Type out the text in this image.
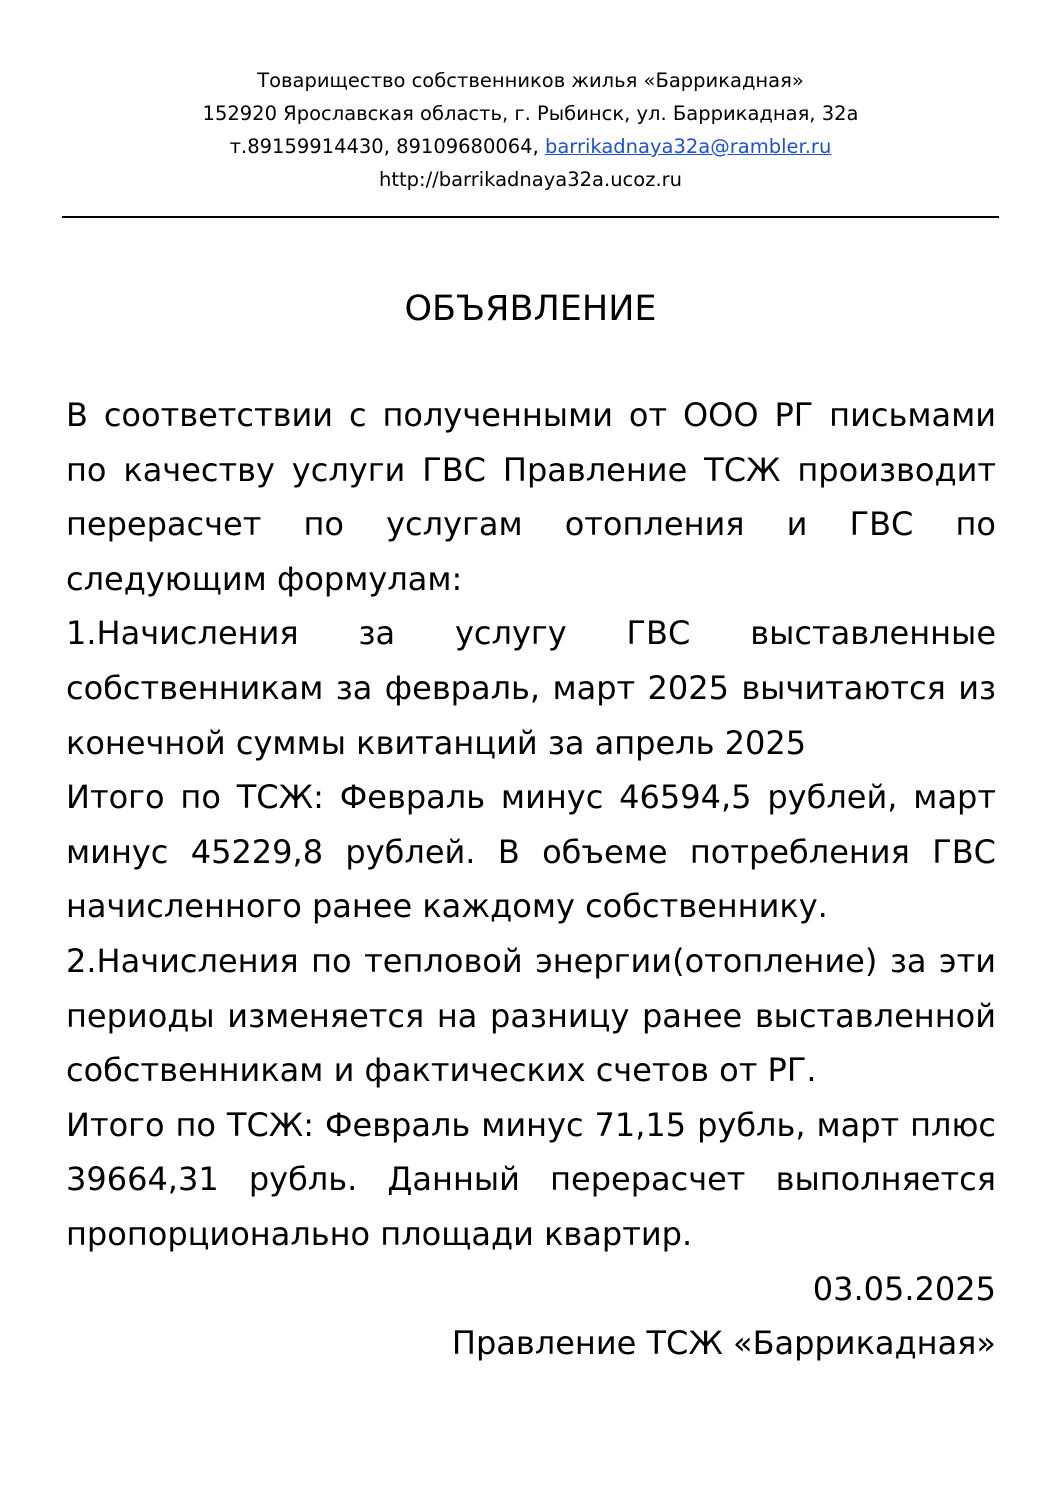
Товарищество собственников жилья «Баррикадная»
152920 Ярославская область, г. Рыбинск, ул. Баррикадная, 32а
т.89159914430, 89109680064, barrikadnaya32a@rambler.ru
http://barrikadnaya32a.ucoz.ru
ОБЪЯВЛЕНИЕ

В соответствии с полученными от ООО РГ письмами по качеству услуги ГВС Правление ТСЖ производит перерасчет по услугам отопления и ГВС по следующим формулам:

1.Начисления за услугу ГВС выставленные собственникам за февраль, март 2025 вычитаются из конечной суммы квитанций за апрель 2025

Итого по ТСЖ: Февраль минус 46594,5 рублей, март минус 45229,8 рублей. В объеме потребления ГВС начисленного ранее каждому собственнику.

2.Начисления по тепловой энергии(отопление) за эти периоды изменяется на разницу ранее выставленной собственникам и фактических счетов от РГ.

Итого по ТСЖ: Февраль минус 71,15 рубль, март плюс 39664,31 рубль. Данный перерасчет выполняется пропорционально площади квартир.

03.05.2025

Правление ТСЖ «Баррикадная»
